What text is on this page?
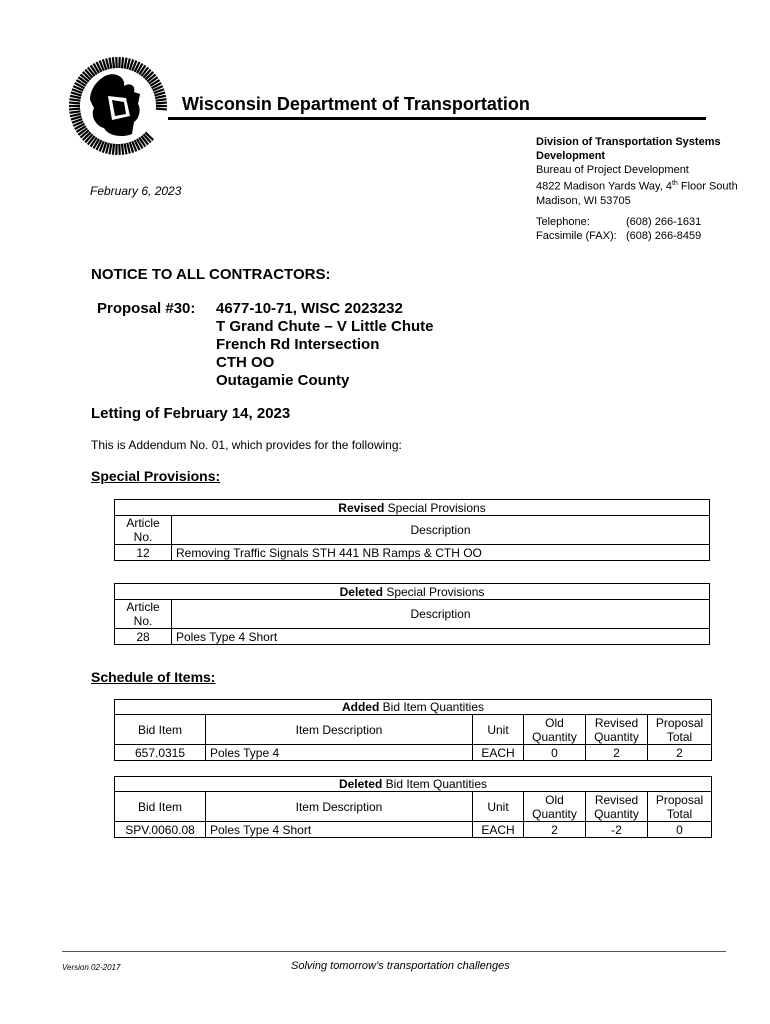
Wisconsin Department of Transportation
Division of Transportation Systems
Development
Bureau of Project Development
4822 Madison Yards Way, 4th Floor South
Madison, WI 53705
Telephone:	(608) 266-1631
Facsimile (FAX): (608) 266-8459
February 6, 2023
NOTICE TO ALL CONTRACTORS:
Proposal #30: 4677-10-71, WISC 2023232
T Grand Chute – V Little Chute
French Rd Intersection
CTH OO
Outagamie County
Letting of February 14, 2023
This is Addendum No. 01, which provides for the following:
Special Provisions:
Revised Special Provisions	
Article No.	Description
12	Removing Traffic Signals STH 441 NB Ramps & CTH OO
Deleted Special Provisions	
Article No.	Description
28	Poles Type 4 Short
Schedule of Items:
Added Bid Item Quantities					
Bid Item	Item Description	Unit	Old Quantity	Revised Quantity	Proposal Total
657.0315	Poles Type 4	EACH	0	2	2
Deleted Bid Item Quantities					
Bid Item	Item Description	Unit	Old Quantity	Revised Quantity	Proposal Total
SPV.0060.08	Poles Type 4 Short	EACH	2	-2	0
Version 02-2017	Solving tomorrow’s transportation challenges
